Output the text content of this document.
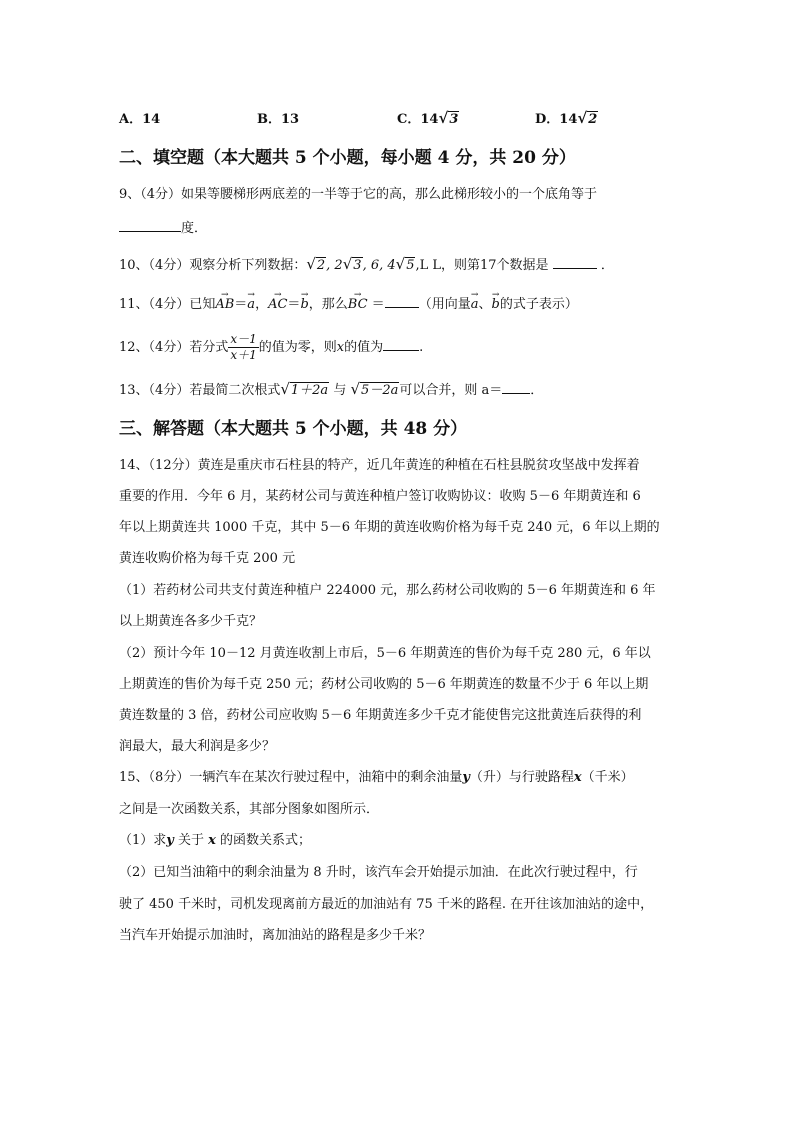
A．14	B．13	C．14√3	D．14√2
二、填空题（本大题共 5 个小题，每小题 4 分，共 20 分）
9、（4分）如果等腰梯形两底差的一半等于它的高，那么此梯形较小的一个底角等于
度．
10、（4分）观察分析下列数据：√2, 2√3, 6, 4√5,L L，则第17个数据是	．
11、（4分）已知→ AB＝→ a，→ AC＝→ b，那么→ BC ＝	（用向量→ a、→ b的式子表示）
12、（4分）若分式 $\frac{x-1}{x+1}$ 的值为零，则x的值为	.
13、（4分）若最简二次根式√1＋2a 与 √5－2a可以合并，则 a＝ ．
三、解答题（本大题共 5 个小题，共 48 分）
14、（12分）黄连是重庆市石柱县的特产，近几年黄连的种植在石柱县脱贫攻坚战中发挥着
重要的作用．今年 6 月，某药材公司与黄连种植户签订收购协议：收购 5－6 年期黄连和 6
年以上期黄连共 1000 千克，其中 5－6 年期的黄连收购价格为每千克 240 元，6 年以上期的
黄连收购价格为每千克 200 元
（1）若药材公司共支付黄连种植户 224000 元，那么药材公司收购的 5－6 年期黄连和 6 年
以上期黄连各多少千克？
（2）预计今年 10－12 月黄连收割上市后，5－6 年期黄连的售价为每千克 280 元，6 年以
上期黄连的售价为每千克 250 元；药材公司收购的 5－6 年期黄连的数量不少于 6 年以上期
黄连数量的 3 倍，药材公司应收购 5－6 年期黄连多少千克才能使售完这批黄连后获得的利
润最大，最大利润是多少？
15、（8分）一辆汽车在某次行驶过程中，油箱中的剩余油量y（升）与行驶路程x（千米）
之间是一次函数关系，其部分图象如图所示．
（1）求y 关于 x 的函数关系式；
（2）已知当油箱中的剩余油量为 8 升时，该汽车会开始提示加油．在此次行驶过程中，行
驶了 450 千米时，司机发现离前方最近的加油站有 75 千米的路程. 在开往该加油站的途中，
当汽车开始提示加油时，离加油站的路程是多少千米？
